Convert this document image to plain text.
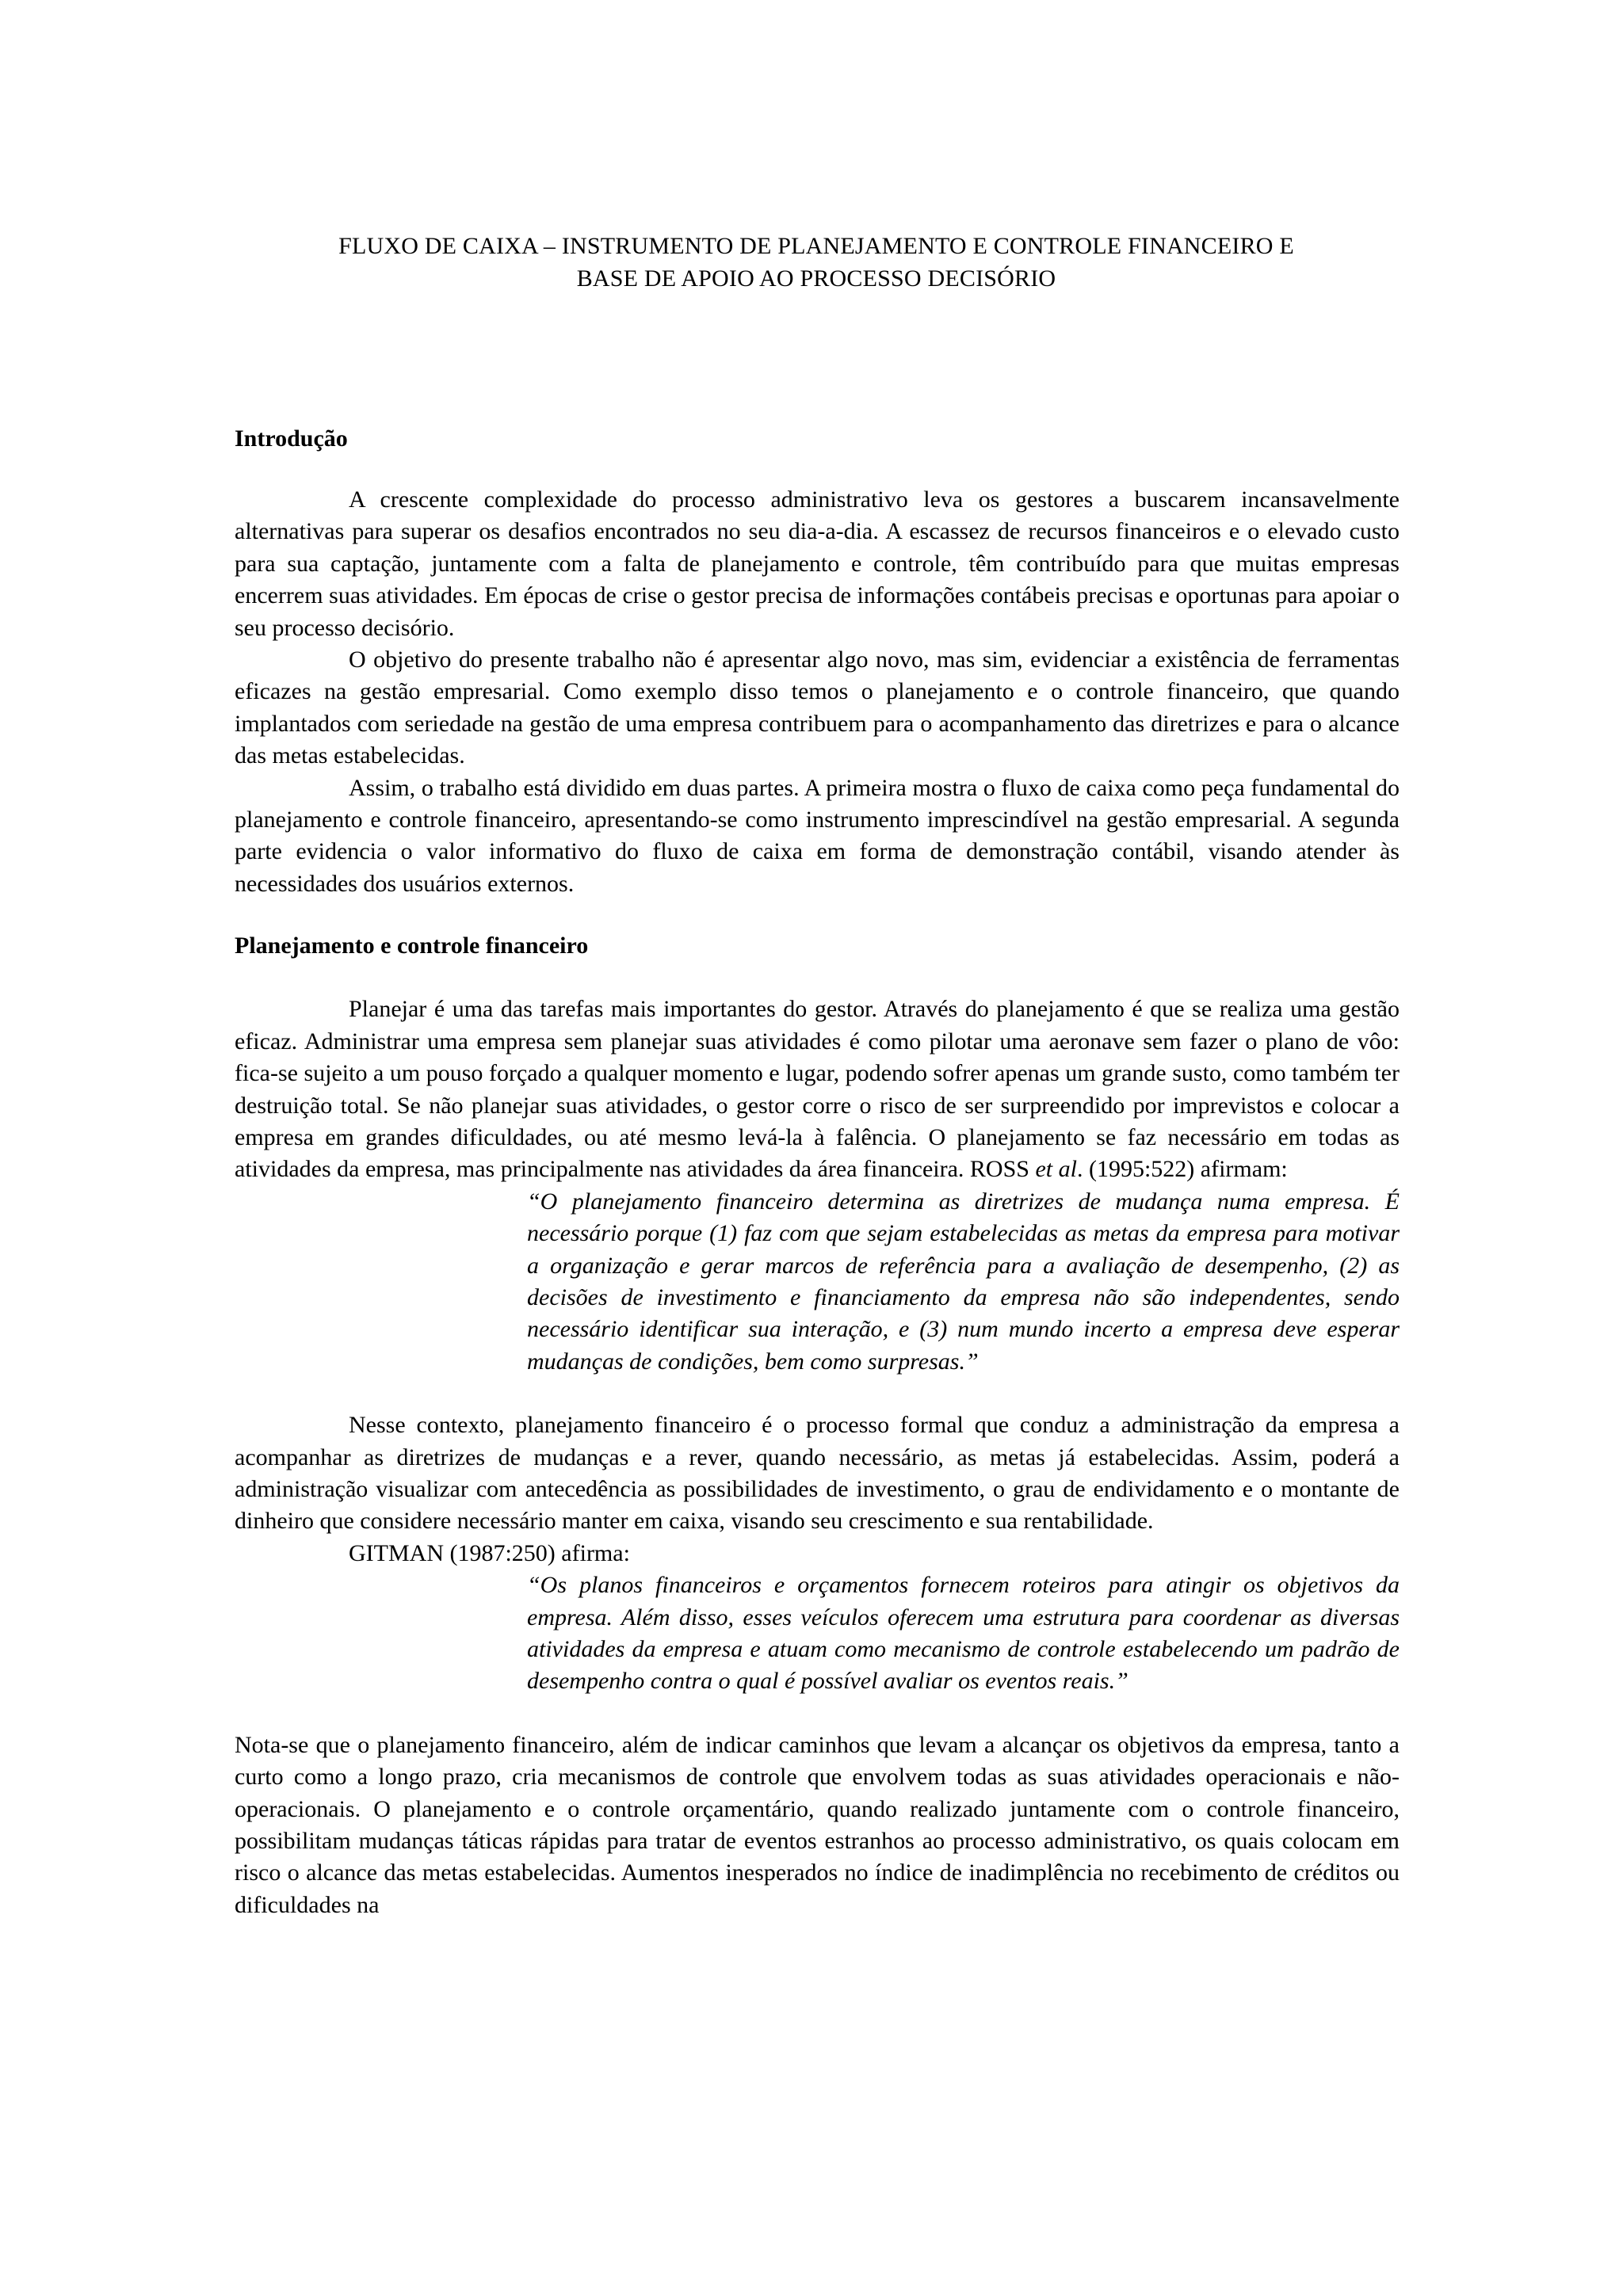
FLUXO DE CAIXA – INSTRUMENTO DE PLANEJAMENTO E CONTROLE FINANCEIRO E
BASE DE APOIO AO PROCESSO DECISÓRIO

Introdução

A crescente complexidade do processo administrativo leva os gestores a buscarem incansavelmente alternativas para superar os desafios encontrados no seu dia-a-dia. A escassez de recursos financeiros e o elevado custo para sua captação, juntamente com a falta de planejamento e controle, têm contribuído para que muitas empresas encerrem suas atividades. Em épocas de crise o gestor precisa de informações contábeis precisas e oportunas para apoiar o seu processo decisório.

O objetivo do presente trabalho não é apresentar algo novo, mas sim, evidenciar a existência de ferramentas eficazes na gestão empresarial. Como exemplo disso temos o planejamento e o controle financeiro, que quando implantados com seriedade na gestão de uma empresa contribuem para o acompanhamento das diretrizes e para o alcance das metas estabelecidas.

Assim, o trabalho está dividido em duas partes. A primeira mostra o fluxo de caixa como peça fundamental do planejamento e controle financeiro, apresentando-se como instrumento imprescindível na gestão empresarial. A segunda parte evidencia o valor informativo do fluxo de caixa em forma de demonstração contábil, visando atender às necessidades dos usuários externos.

Planejamento e controle financeiro

Planejar é uma das tarefas mais importantes do gestor. Através do planejamento é que se realiza uma gestão eficaz. Administrar uma empresa sem planejar suas atividades é como pilotar uma aeronave sem fazer o plano de vôo: fica-se sujeito a um pouso forçado a qualquer momento e lugar, podendo sofrer apenas um grande susto, como também ter destruição total. Se não planejar suas atividades, o gestor corre o risco de ser surpreendido por imprevistos e colocar a empresa em grandes dificuldades, ou até mesmo levá-la à falência. O planejamento se faz necessário em todas as atividades da empresa, mas principalmente nas atividades da área financeira. ROSS et al. (1995:522) afirmam:

“O planejamento financeiro determina as diretrizes de mudança numa empresa. É necessário porque (1) faz com que sejam estabelecidas as metas da empresa para motivar a organização e gerar marcos de referência para a avaliação de desempenho, (2) as decisões de investimento e financiamento da empresa não são independentes, sendo necessário identificar sua interação, e (3) num mundo incerto a empresa deve esperar mudanças de condições, bem como surpresas.”

Nesse contexto, planejamento financeiro é o processo formal que conduz a administração da empresa a acompanhar as diretrizes de mudanças e a rever, quando necessário, as metas já estabelecidas. Assim, poderá a administração visualizar com antecedência as possibilidades de investimento, o grau de endividamento e o montante de dinheiro que considere necessário manter em caixa, visando seu crescimento e sua rentabilidade.

GITMAN (1987:250) afirma:

“Os planos financeiros e orçamentos fornecem roteiros para atingir os objetivos da empresa. Além disso, esses veículos oferecem uma estrutura para coordenar as diversas atividades da empresa e atuam como mecanismo de controle estabelecendo um padrão de desempenho contra o qual é possível avaliar os eventos reais.”

Nota-se que o planejamento financeiro, além de indicar caminhos que levam a alcançar os objetivos da empresa, tanto a curto como a longo prazo, cria mecanismos de controle que envolvem todas as suas atividades operacionais e não-operacionais. O planejamento e o controle orçamentário, quando realizado juntamente com o controle financeiro, possibilitam mudanças táticas rápidas para tratar de eventos estranhos ao processo administrativo, os quais colocam em risco o alcance das metas estabelecidas. Aumentos inesperados no índice de inadimplência no recebimento de créditos ou dificuldades na
